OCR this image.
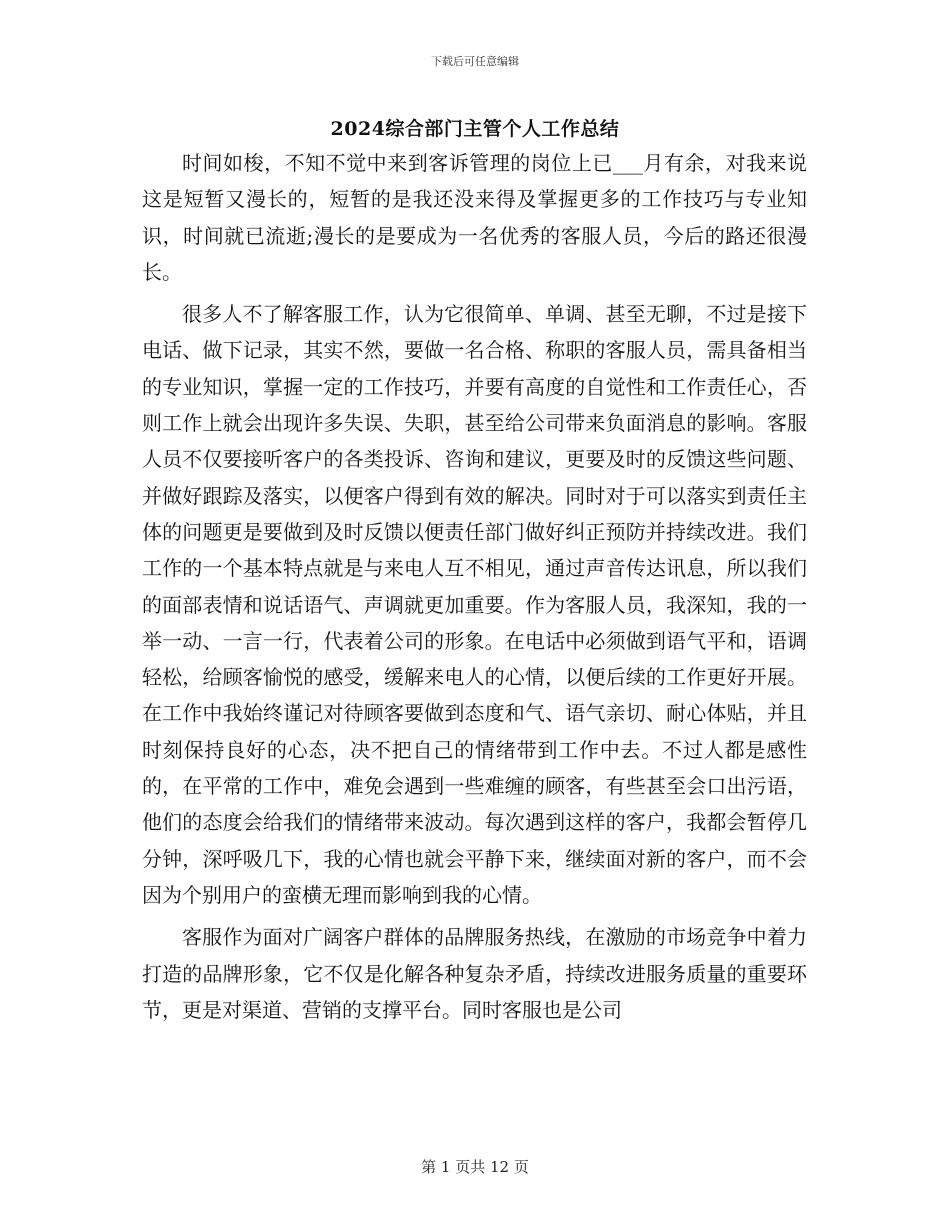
下载后可任意编辑
2024综合部门主管个人工作总结

时间如梭，不知不觉中来到客诉管理的岗位上已___月有余，对我来说这是短暂又漫长的，短暂的是我还没来得及掌握更多的工作技巧与专业知识，时间就已流逝;漫长的是要成为一名优秀的客服人员，今后的路还很漫长。

很多人不了解客服工作，认为它很简单、单调、甚至无聊，不过是接下电话、做下记录，其实不然，要做一名合格、称职的客服人员，需具备相当的专业知识，掌握一定的工作技巧，并要有高度的自觉性和工作责任心，否则工作上就会出现许多失误、失职，甚至给公司带来负面消息的影响。客服人员不仅要接听客户的各类投诉、咨询和建议，更要及时的反馈这些问题、并做好跟踪及落实，以便客户得到有效的解决。同时对于可以落实到责任主体的问题更是要做到及时反馈以便责任部门做好纠正预防并持续改进。我们工作的一个基本特点就是与来电人互不相见，通过声音传达讯息，所以我们的面部表情和说话语气、声调就更加重要。作为客服人员，我深知，我的一举一动、一言一行，代表着公司的形象。在电话中必须做到语气平和，语调轻松，给顾客愉悦的感受，缓解来电人的心情，以便后续的工作更好开展。在工作中我始终谨记对待顾客要做到态度和气、语气亲切、耐心体贴，并且时刻保持良好的心态，决不把自己的情绪带到工作中去。不过人都是感性的，在平常的工作中，难免会遇到一些难缠的顾客，有些甚至会口出污语，他们的态度会给我们的情绪带来波动。每次遇到这样的客户，我都会暂停几分钟，深呼吸几下，我的心情也就会平静下来，继续面对新的客户，而不会因为个别用户的蛮横无理而影响到我的心情。

客服作为面对广阔客户群体的品牌服务热线，在激励的市场竞争中着力打造的品牌形象，它不仅是化解各种复杂矛盾，持续改进服务质量的重要环节，更是对渠道、营销的支撑平台。同时客服也是公司

第 1 页共 12 页
